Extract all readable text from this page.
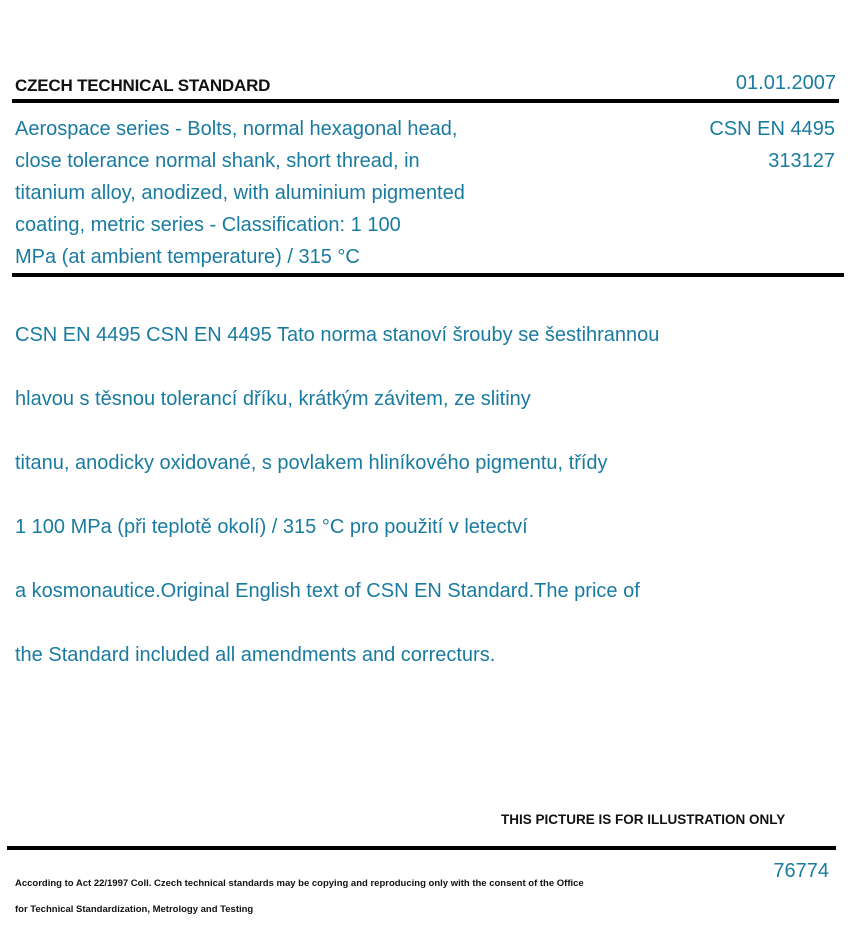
CZECH TECHNICAL STANDARD	01.01.2007
Aerospace series - Bolts, normal hexagonal head,
close tolerance normal shank, short thread, in
titanium alloy, anodized, with aluminium pigmented
coating, metric series - Classification: 1 100
MPa (at ambient temperature) / 315 °C
CSN EN 4495
313127

CSN EN 4495 CSN EN 4495 Tato norma stanoví šrouby se šestihrannou

hlavou s těsnou tolerancí dříku, krátkým závitem, ze slitiny

titanu, anodicky oxidované, s povlakem hliníkového pigmentu, třídy

1 100 MPa (při teplotě okolí) / 315 °C pro použití v letectví

a kosmonautice.Original English text of CSN EN Standard.The price of

the Standard included all amendments and correcturs.

THIS PICTURE IS FOR ILLUSTRATION ONLY

According to Act 22/1997 Coll. Czech technical standards may be copying and reproducing only with the consent of the Office

for Technical Standardization, Metrology and Testing

76774
